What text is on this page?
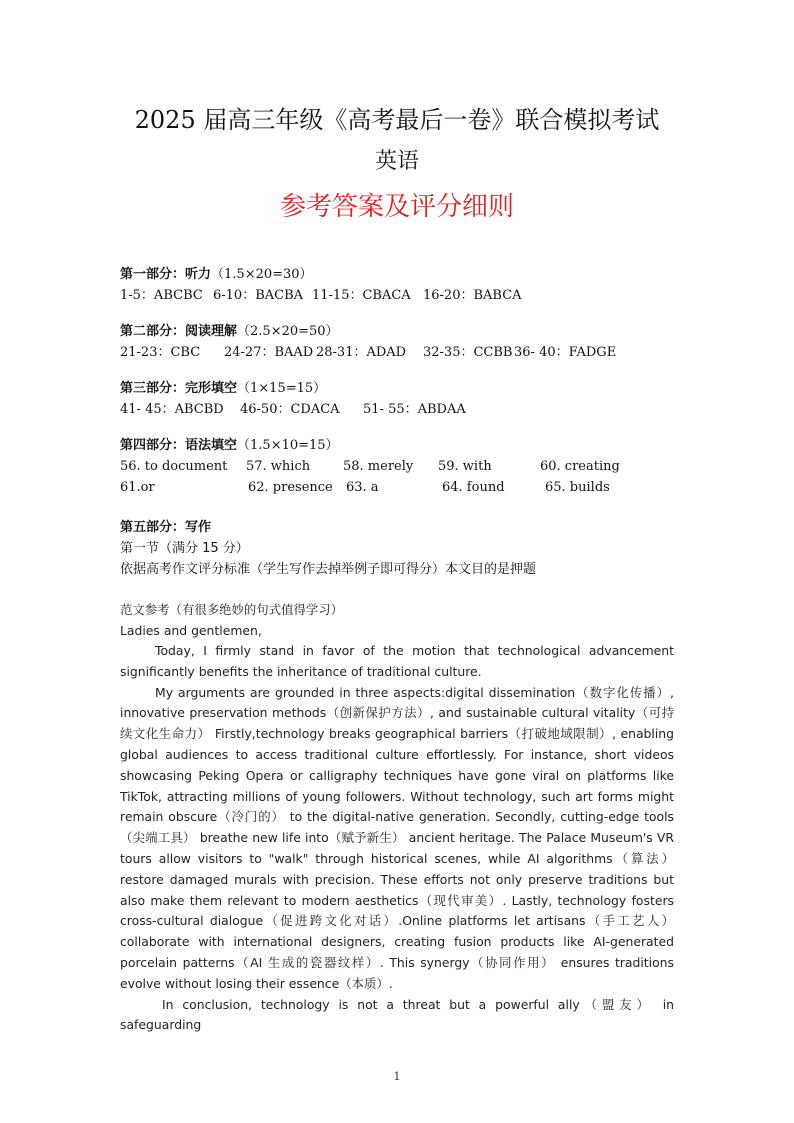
2025 届高三年级《高考最后一卷》联合模拟考试
英语
参考答案及评分细则
第一部分：听力（1.5×20=30）
1-5：ABCBC 6-10：BACBA 11-15：CBACA 16-20：BABCA
第二部分：阅读理解（2.5×20=50）
21-23：CBC 24-27：BAAD 28-31：ADAD 32-35：CCBB 36- 40：FADGE
第三部分：完形填空（1×15=15）
41- 45：ABCBD 46-50：CDACA 51- 55：ABDAA
第四部分：语法填空（1.5×10=15）
56. to document 57. which	58. merely 59. with	60. creating
61.or	62. presence 63. a	64. found	65. builds
第五部分：写作
第一节（满分 15 分）
依据高考作文评分标准（学生写作去掉举例子即可得分）本文目的是押题
范文参考（有很多绝妙的句式值得学习）
Ladies and gentlemen,

Today, I firmly stand in favor of the motion that technological advancement significantly benefits the inheritance of traditional culture.

My arguments are grounded in three aspects:digital dissemination（数字化传播）, innovative preservation methods（创新保护方法）, and sustainable cultural vitality（可持续文化生命力） Firstly,technology breaks geographical barriers（打破地域限制）, enabling global audiences to access traditional culture effortlessly. For instance, short videos showcasing Peking Opera or calligraphy techniques have gone viral on platforms like TikTok, attracting millions of young followers. Without technology, such art forms might remain obscure（冷门的） to the digital-native generation. Secondly, cutting-edge tools（尖端工具） breathe new life into（赋予新生） ancient heritage. The Palace Museum's VR tours allow visitors to "walk" through historical scenes, while AI algorithms（算法） restore damaged murals with precision. These efforts not only preserve traditions but also make them relevant to modern aesthetics（现代审美）. Lastly, technology fosters cross-cultural dialogue（促进跨文化对话）.Online platforms let artisans（手工艺人） collaborate with international designers, creating fusion products like AI-generated porcelain patterns（AI 生成的瓷器纹样）. This synergy（协同作用） ensures traditions evolve without losing their essence（本质）.

In conclusion, technology is not a threat but a powerful ally（盟友） in safeguarding

1
